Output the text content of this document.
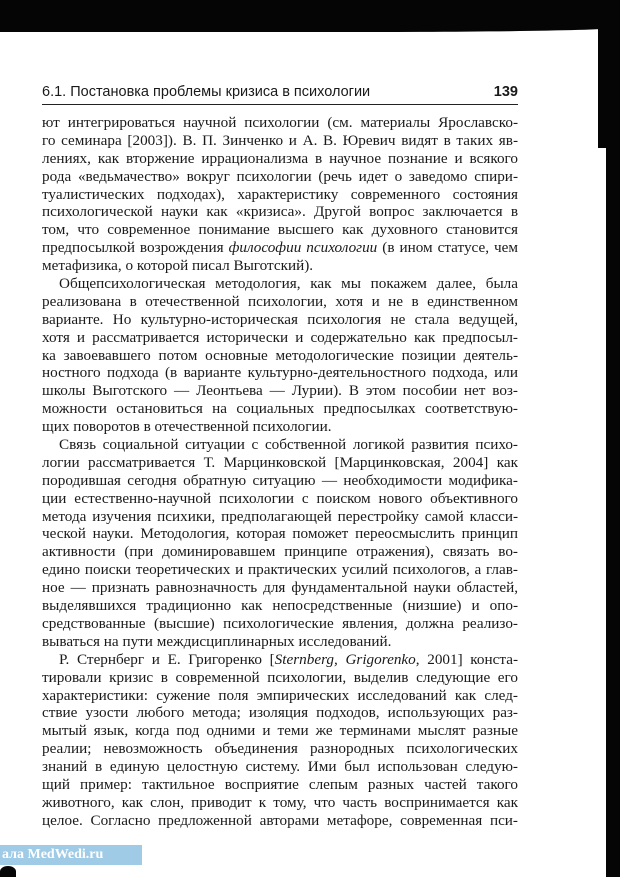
6.1. Постановка проблемы кризиса в психологии	139
ют интегрироваться научной психологии (см. материалы Ярославско-
го семинара [2003]). В. П. Зинченко и А. В. Юревич видят в таких яв-
лениях, как вторжение иррационализма в научное познание и всякого
рода «ведьмачество» вокруг психологии (речь идет о заведомо спири-
туалистических подходах), характеристику современного состояния
психологической науки как «кризиса». Другой вопрос заключается в
том, что современное понимание высшего как духовного становится
предпосылкой возрождения философии психологии (в ином статусе, чем
метафизика, о которой писал Выготский).
Общепсихологическая методология, как мы покажем далее, была
реализована в отечественной психологии, хотя и не в единственном
варианте. Но культурно-историческая психология не стала ведущей,
хотя и рассматривается исторически и содержательно как предпосыл-
ка завоевавшего потом основные методологические позиции деятель-
ностного подхода (в варианте культурно-деятельностного подхода, или
школы Выготского — Леонтьева — Лурии). В этом пособии нет воз-
можности остановиться на социальных предпосылках соответствую-
щих поворотов в отечественной психологии.
Связь социальной ситуации с собственной логикой развития психо-
логии рассматривается Т. Марцинковской [Марцинковская, 2004] как
породившая сегодня обратную ситуацию — необходимости модифика-
ции естественно-научной психологии с поиском нового объективного
метода изучения психики, предполагающей перестройку самой класси-
ческой науки. Методология, которая поможет переосмыслить принцип
активности (при доминировавшем принципе отражения), связать во-
едино поиски теоретических и практических усилий психологов, а глав-
ное — признать равнозначность для фундаментальной науки областей,
выделявшихся традиционно как непосредственные (низшие) и опо-
средствованные (высшие) психологические явления, должна реализо-
вываться на пути междисциплинарных исследований.
Р. Стернберг и Е. Григоренко [Sternberg, Grigorenko, 2001] конста-
тировали кризис в современной психологии, выделив следующие его
характеристики: сужение поля эмпирических исследований как след-
ствие узости любого метода; изоляция подходов, использующих раз-
мытый язык, когда под одними и теми же терминами мыслят разные
реалии; невозможность объединения разнородных психологических
знаний в единую целостную систему. Ими был использован следую-
щий пример: тактильное восприятие слепым разных частей такого
животного, как слон, приводит к тому, что часть воспринимается как
целое. Согласно предложенной авторами метафоре, современная пси-
ала MedWedi.ru
